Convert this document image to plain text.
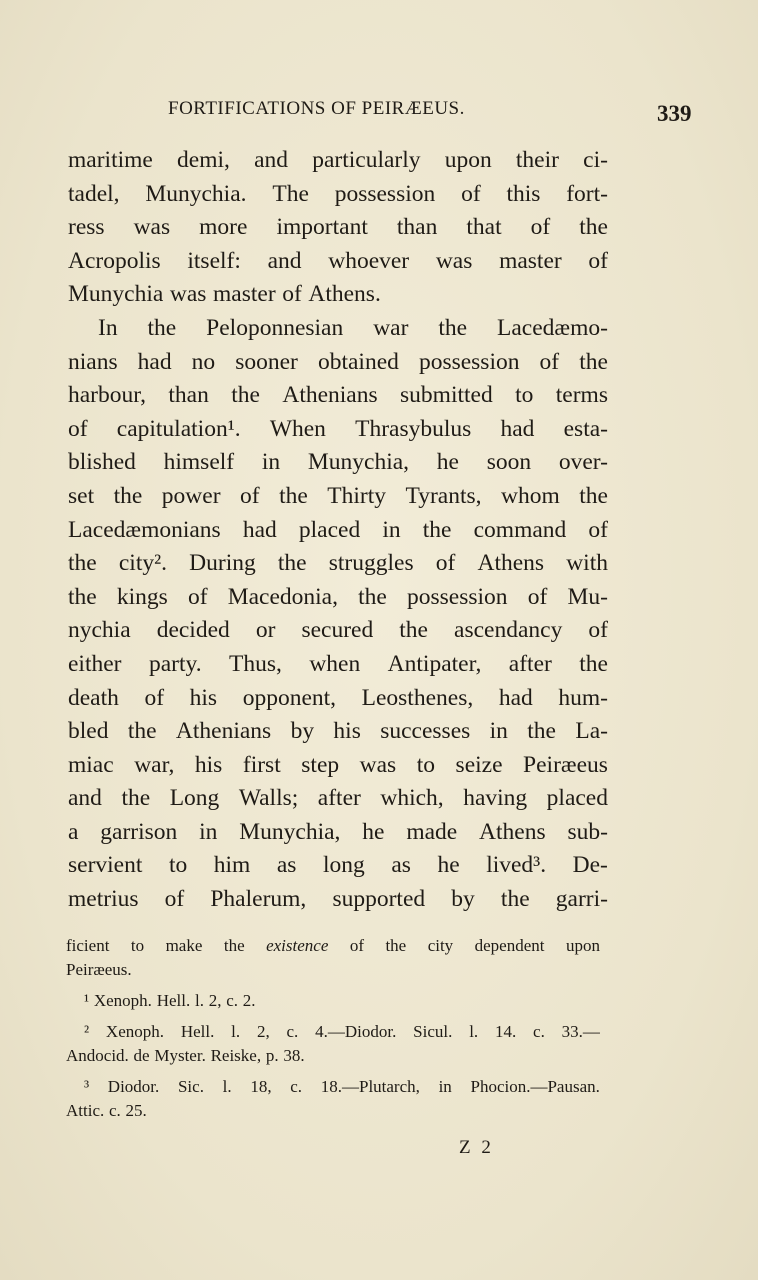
FORTIFICATIONS OF PEIRÆEUS.	339
maritime demi, and particularly upon their ci-
tadel, Munychia. The possession of this fort-
ress was more important than that of the
Acropolis itself: and whoever was master of
Munychia was master of Athens.
In the Peloponnesian war the Lacedæmo-
nians had no sooner obtained possession of the
harbour, than the Athenians submitted to terms
of capitulation¹. When Thrasybulus had esta-
blished himself in Munychia, he soon over-
set the power of the Thirty Tyrants, whom the
Lacedæmonians had placed in the command of
the city². During the struggles of Athens with
the kings of Macedonia, the possession of Mu-
nychia decided or secured the ascendancy of
either party. Thus, when Antipater, after the
death of his opponent, Leosthenes, had hum-
bled the Athenians by his successes in the La-
miac war, his first step was to seize Peiræeus
and the Long Walls; after which, having placed
a garrison in Munychia, he made Athens sub-
servient to him as long as he lived³. De-
metrius of Phalerum, supported by the garri-
ficient to make the existence of the city dependent upon
Peiræeus.
¹ Xenoph. Hell. l. 2, c. 2.
² Xenoph. Hell. l. 2, c. 4.—Diodor. Sicul. l. 14. c. 33.—
Andocid. de Myster. Reiske, p. 38.
³ Diodor. Sic. l. 18, c. 18.—Plutarch, in Phocion.—Pausan.
Attic. c. 25.
Z 2
